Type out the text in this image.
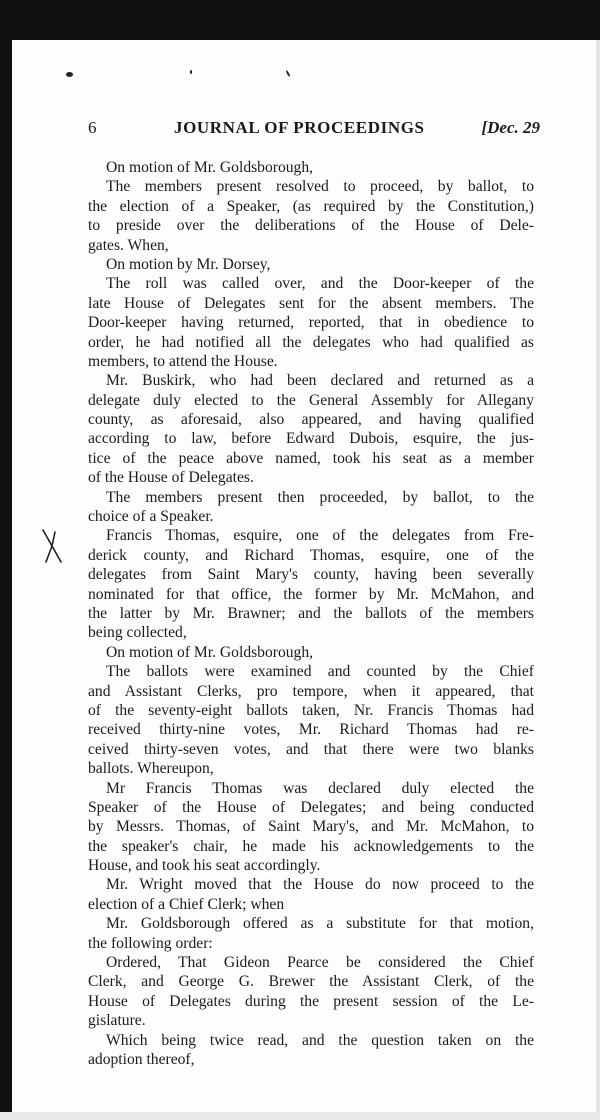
6	JOURNAL OF PROCEEDINGS	[Dec. 29
On motion of Mr. Goldsborough,
The members present resolved to proceed, by ballot, to
the election of a Speaker, (as required by the Constitution,)
to preside over the deliberations of the House of Dele-
gates. When,
On motion by Mr. Dorsey,
The roll was called over, and the Door-keeper of the
late House of Delegates sent for the absent members. The
Door-keeper having returned, reported, that in obedience to
order, he had notified all the delegates who had qualified as
members, to attend the House.
Mr. Buskirk, who had been declared and returned as a
delegate duly elected to the General Assembly for Allegany
county, as aforesaid, also appeared, and having qualified
according to law, before Edward Dubois, esquire, the jus-
tice of the peace above named, took his seat as a member
of the House of Delegates.
The members present then proceeded, by ballot, to the
choice of a Speaker.
Francis Thomas, esquire, one of the delegates from Fre-
derick county, and Richard Thomas, esquire, one of the
delegates from Saint Mary's county, having been severally
nominated for that office, the former by Mr. McMahon, and
the latter by Mr. Brawner; and the ballots of the members
being collected,
On motion of Mr. Goldsborough,
The ballots were examined and counted by the Chief
and Assistant Clerks, pro tempore, when it appeared, that
of the seventy-eight ballots taken, Nr. Francis Thomas had
received thirty-nine votes, Mr. Richard Thomas had re-
ceived thirty-seven votes, and that there were two blanks
ballots. Whereupon,
Mr Francis Thomas was declared duly elected the
Speaker of the House of Delegates; and being conducted
by Messrs. Thomas, of Saint Mary's, and Mr. McMahon, to
the speaker's chair, he made his acknowledgements to the
House, and took his seat accordingly.
Mr. Wright moved that the House do now proceed to the
election of a Chief Clerk; when
Mr. Goldsborough offered as a substitute for that motion,
the following order:
Ordered, That Gideon Pearce be considered the Chief
Clerk, and George G. Brewer the Assistant Clerk, of the
House of Delegates during the present session of the Le-
gislature.
Which being twice read, and the question taken on the
adoption thereof,
